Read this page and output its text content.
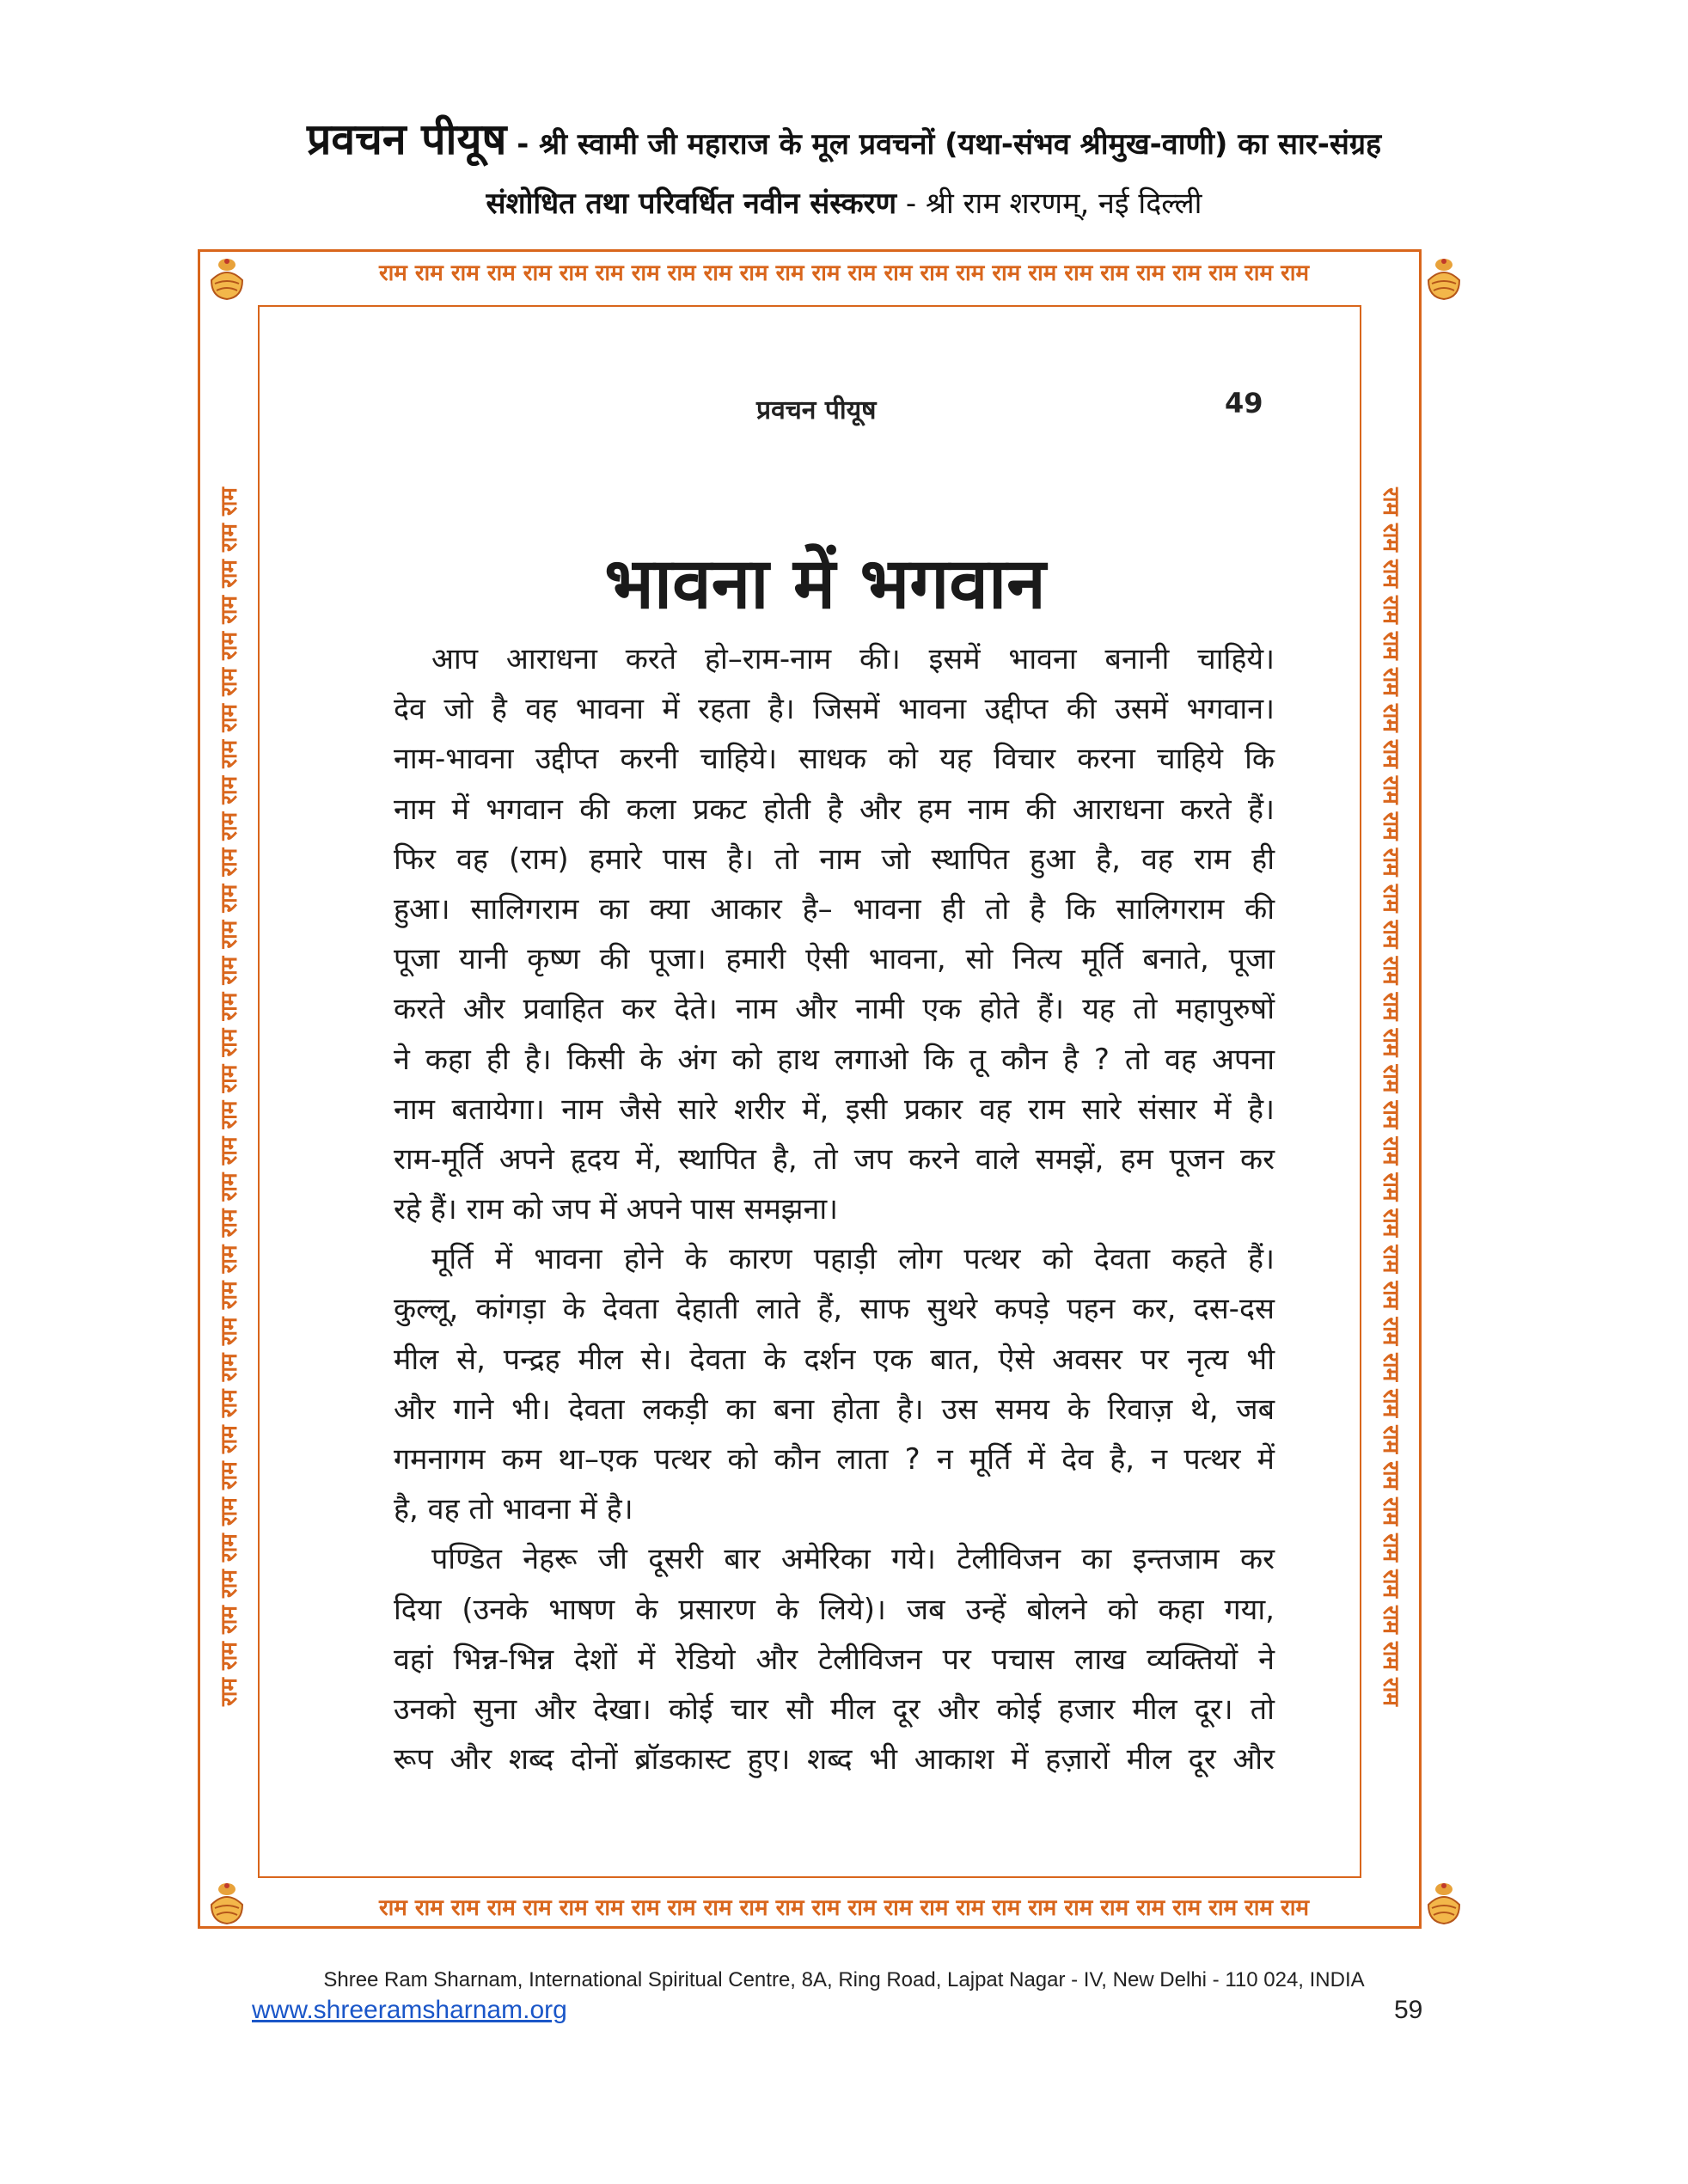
प्रवचन पीयूष - श्री स्वामी जी महाराज के मूल प्रवचनों (यथा-संभव श्रीमुख-वाणी) का सार-संग्रह
संशोधित तथा परिवर्धित नवीन संस्करण - श्री राम शरणम्, नई दिल्ली
राम राम राम राम राम राम राम राम राम राम राम राम राम राम राम राम राम राम राम राम राम राम राम राम राम राम
राम राम राम राम राम राम राम राम राम राम राम राम राम राम राम राम राम राम राम राम राम राम राम राम राम राम
राम राम राम राम राम राम राम राम राम राम राम राम राम राम राम राम राम राम राम राम राम राम राम राम राम राम राम राम राम राम राम राम राम राम	राम राम राम राम राम राम राम राम राम राम राम राम राम राम राम राम राम राम राम राम राम राम राम राम राम राम राम राम राम राम राम राम राम राम
प्रवचन पीयूष	49
भावना में भगवान
आप आराधना करते हो–राम-नाम की। इसमें भावना बनानी चाहिये।
देव जो है वह भावना में रहता है। जिसमें भावना उद्दीप्त की उसमें भगवान।
नाम-भावना उद्दीप्त करनी चाहिये। साधक को यह विचार करना चाहिये कि
नाम में भगवान की कला प्रकट होती है और हम नाम की आराधना करते हैं।
फिर वह (राम) हमारे पास है। तो नाम जो स्थापित हुआ है, वह राम ही
हुआ। सालिगराम का क्या आकार है– भावना ही तो है कि सालिगराम की
पूजा यानी कृष्ण की पूजा। हमारी ऐसी भावना, सो नित्य मूर्ति बनाते, पूजा
करते और प्रवाहित कर देते। नाम और नामी एक होते हैं। यह तो महापुरुषों
ने कहा ही है। किसी के अंग को हाथ लगाओ कि तू कौन है ? तो वह अपना
नाम बतायेगा। नाम जैसे सारे शरीर में, इसी प्रकार वह राम सारे संसार में है।
राम-मूर्ति अपने हृदय में, स्थापित है, तो जप करने वाले समझें, हम पूजन कर
रहे हैं। राम को जप में अपने पास समझना।
मूर्ति में भावना होने के कारण पहाड़ी लोग पत्थर को देवता कहते हैं।
कुल्लू, कांगड़ा के देवता देहाती लाते हैं, साफ सुथरे कपड़े पहन कर, दस-दस
मील से, पन्द्रह मील से। देवता के दर्शन एक बात, ऐसे अवसर पर नृत्य भी
और गाने भी। देवता लकड़ी का बना होता है। उस समय के रिवाज़ थे, जब
गमनागम कम था–एक पत्थर को कौन लाता ? न मूर्ति में देव है, न पत्थर में
है, वह तो भावना में है।
पण्डित नेहरू जी दूसरी बार अमेरिका गये। टेलीविजन का इन्तजाम कर
दिया (उनके भाषण के प्रसारण के लिये)। जब उन्हें बोलने को कहा गया,
वहां भिन्न-भिन्न देशों में रेडियो और टेलीविजन पर पचास लाख व्यक्तियों ने
उनको सुना और देखा। कोई चार सौ मील दूर और कोई हजार मील दूर। तो
रूप और शब्द दोनों ब्रॉडकास्ट हुए। शब्द भी आकाश में हज़ारों मील दूर और
Shree Ram Sharnam, International Spiritual Centre, 8A, Ring Road, Lajpat Nagar - IV, New Delhi - 110 024, INDIA
www.shreeramsharnam.org	59
